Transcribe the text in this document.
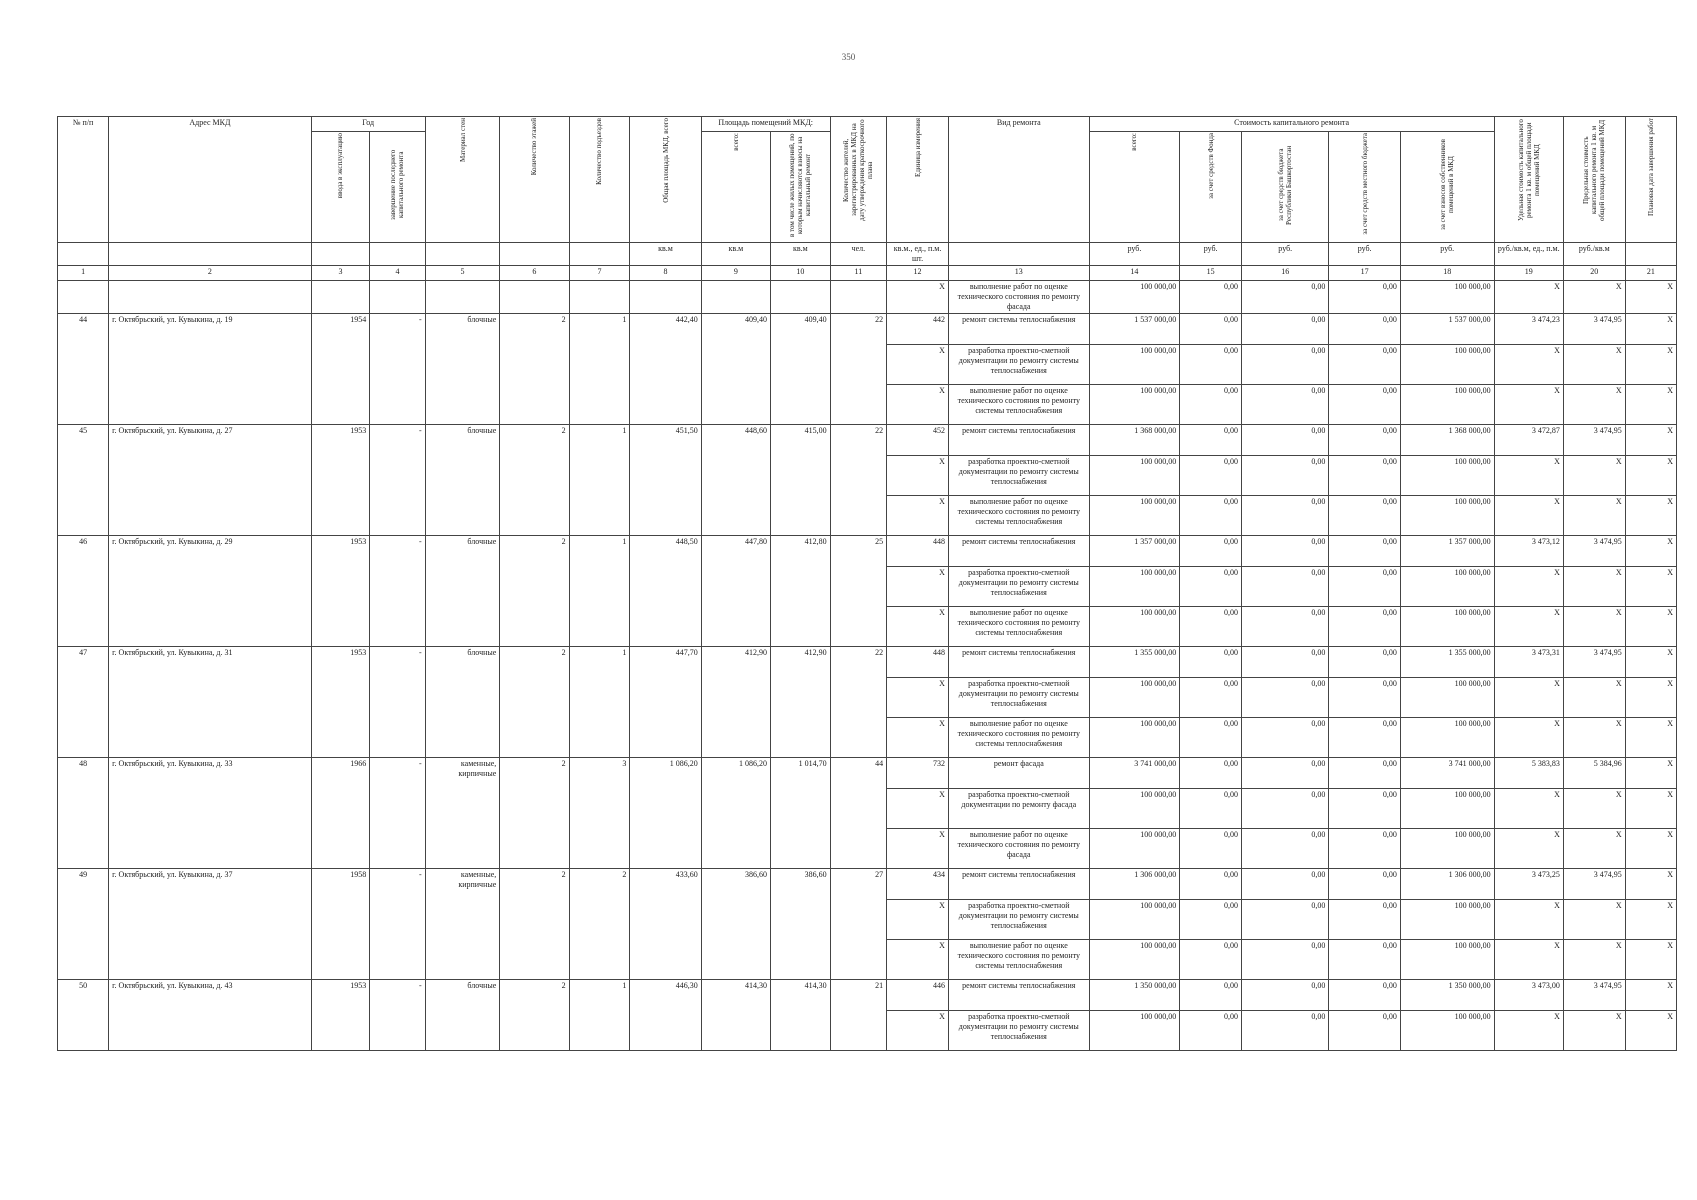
350
№ п/п	Адрес МКД	Год		Материал стен	Количество этажей	Количество подъездов	Общая площадь МКД, всего	Площадь помещений МКД:		Количество жителей, зарегистрированных в МКД на дату утверждения краткосрочного плана	Единица измерения	Вид ремонта	Стоимость капитального ремонта					Удельная стоимость капитального ремонта 1 кв. м общей площади помещений МКД	Предельная стоимость капитального ремонта 1 кв. м общей площади помещений МКД	Плановая дата завершения работ

		ввода в эксплуатацию	завершение последнего капитального ремонта					всего:	в том числе жилых помещений, по которым начисляются взносы на капитальный ремонт				всего:	за счет средств Фонда	за счет средств бюджета Республики Башкортостан	за счет средств местного бюджета	за счет взносов собственников помещений в МКД			

							кв.м	кв.м	кв.м	чел.	кв.м., ед., п.м. шт.		руб.	руб.	руб.	руб.	руб.	руб./кв.м, ед., п.м.	руб./кв.м	
1	2	3	4	5	6	7	8	9	10	11	12	13	14	15	16	17	18	19	20	21
											X	выполнение работ по оценке технического состояния по ремонту фасада	100 000,00	0,00	0,00	0,00	100 000,00	X	X	X
44	г. Октябрьский, ул. Кувыкина, д. 19	1954	-	блочные	2	1	442,40	409,40	409,40	22	442	ремонт системы теплоснабжения	1 537 000,00	0,00	0,00	0,00	1 537 000,00	3 474,23	3 474,95	X
											X	разработка проектно-сметной документации по ремонту системы теплоснабжения	100 000,00	0,00	0,00	0,00	100 000,00	X	X	X
											X	выполнение работ по оценке технического состояния по ремонту системы теплоснабжения	100 000,00	0,00	0,00	0,00	100 000,00	X	X	X
45	г. Октябрьский, ул. Кувыкина, д. 27	1953	-	блочные	2	1	451,50	448,60	415,00	22	452	ремонт системы теплоснабжения	1 368 000,00	0,00	0,00	0,00	1 368 000,00	3 472,87	3 474,95	X
											X	разработка проектно-сметной документации по ремонту системы теплоснабжения	100 000,00	0,00	0,00	0,00	100 000,00	X	X	X
											X	выполнение работ по оценке технического состояния по ремонту системы теплоснабжения	100 000,00	0,00	0,00	0,00	100 000,00	X	X	X
46	г. Октябрьский, ул. Кувыкина, д. 29	1953	-	блочные	2	1	448,50	447,80	412,80	25	448	ремонт системы теплоснабжения	1 357 000,00	0,00	0,00	0,00	1 357 000,00	3 473,12	3 474,95	X
											X	разработка проектно-сметной документации по ремонту системы теплоснабжения	100 000,00	0,00	0,00	0,00	100 000,00	X	X	X
											X	выполнение работ по оценке технического состояния по ремонту системы теплоснабжения	100 000,00	0,00	0,00	0,00	100 000,00	X	X	X
47	г. Октябрьский, ул. Кувыкина, д. 31	1953	-	блочные	2	1	447,70	412,90	412,90	22	448	ремонт системы теплоснабжения	1 355 000,00	0,00	0,00	0,00	1 355 000,00	3 473,31	3 474,95	X
											X	разработка проектно-сметной документации по ремонту системы теплоснабжения	100 000,00	0,00	0,00	0,00	100 000,00	X	X	X
											X	выполнение работ по оценке технического состояния по ремонту системы теплоснабжения	100 000,00	0,00	0,00	0,00	100 000,00	X	X	X
48	г. Октябрьский, ул. Кувыкина, д. 33	1966	-	каменные, кирпичные	2	3	1 086,20	1 086,20	1 014,70	44	732	ремонт фасада	3 741 000,00	0,00	0,00	0,00	3 741 000,00	5 383,83	5 384,96	X
											X	разработка проектно-сметной документации по ремонту фасада	100 000,00	0,00	0,00	0,00	100 000,00	X	X	X
											X	выполнение работ по оценке технического состояния по ремонту фасада	100 000,00	0,00	0,00	0,00	100 000,00	X	X	X
49	г. Октябрьский, ул. Кувыкина, д. 37	1958	-	каменные, кирпичные	2	2	433,60	386,60	386,60	27	434	ремонт системы теплоснабжения	1 306 000,00	0,00	0,00	0,00	1 306 000,00	3 473,25	3 474,95	X
											X	разработка проектно-сметной документации по ремонту системы теплоснабжения	100 000,00	0,00	0,00	0,00	100 000,00	X	X	X
											X	выполнение работ по оценке технического состояния по ремонту системы теплоснабжения	100 000,00	0,00	0,00	0,00	100 000,00	X	X	X
50	г. Октябрьский, ул. Кувыкина, д. 43	1953	-	блочные	2	1	446,30	414,30	414,30	21	446	ремонт системы теплоснабжения	1 350 000,00	0,00	0,00	0,00	1 350 000,00	3 473,00	3 474,95	X
											X	разработка проектно-сметной документации по ремонту системы теплоснабжения	100 000,00	0,00	0,00	0,00	100 000,00	X	X	X
